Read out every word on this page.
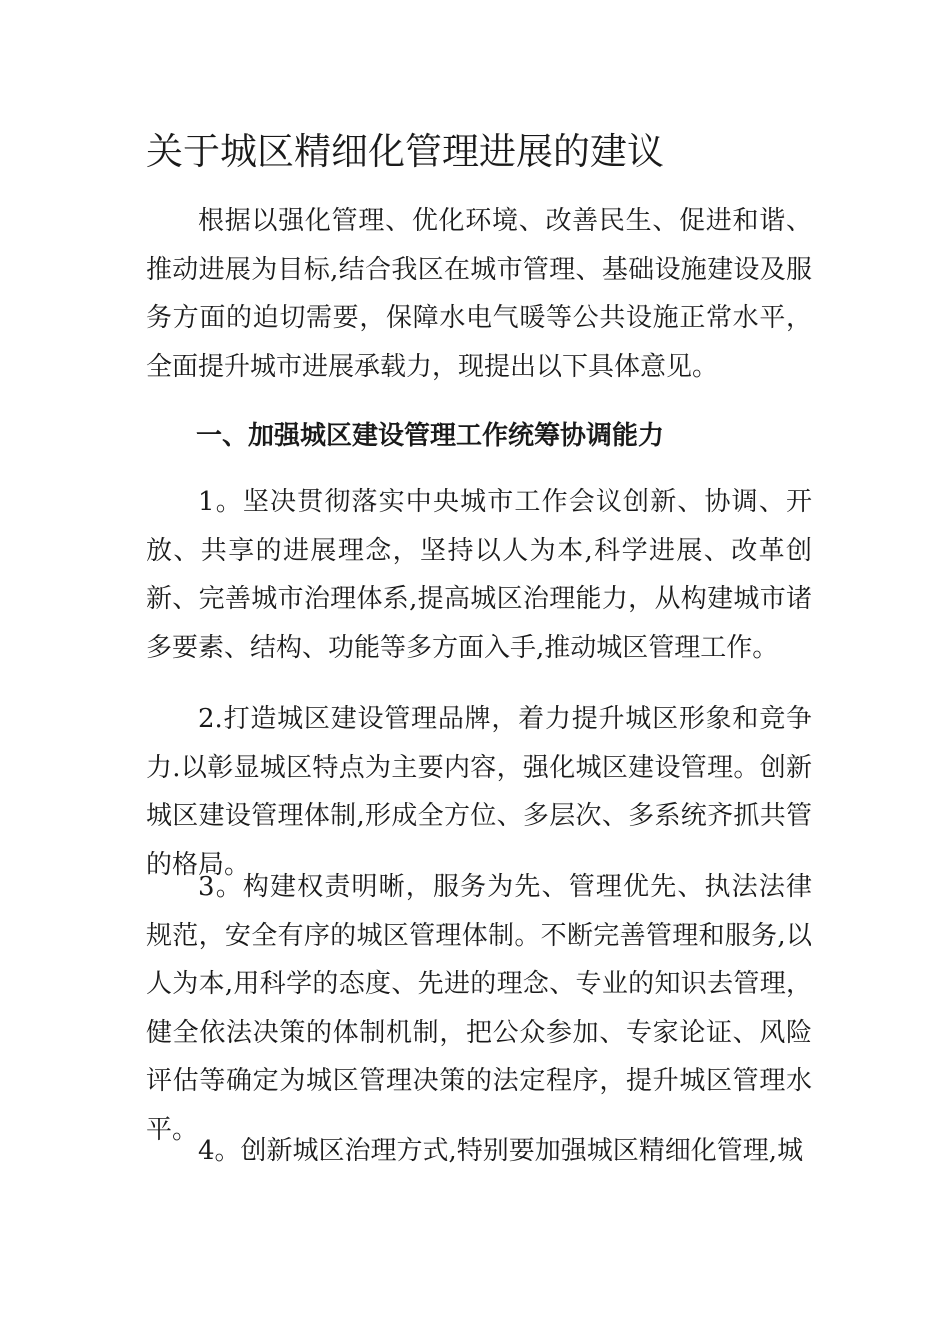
关于城区精细化管理进展的建议

根据以强化管理、优化环境、改善民生、促进和谐、推动进展为目标,结合我区在城市管理、基础设施建设及服务方面的迫切需要，保障水电气暖等公共设施正常水平，全面提升城市进展承载力，现提出以下具体意见。

一、加强城区建设管理工作统筹协调能力

1。坚决贯彻落实中央城市工作会议创新、协调、开放、共享的进展理念，坚持以人为本,科学进展、改革创新、完善城市治理体系,提高城区治理能力，从构建城市诸多要素、结构、功能等多方面入手,推动城区管理工作。

2.打造城区建设管理品牌，着力提升城区形象和竞争力.以彰显城区特点为主要内容，强化城区建设管理。创新城区建设管理体制,形成全方位、多层次、多系统齐抓共管的格局。

3。构建权责明晰，服务为先、管理优先、执法法律规范，安全有序的城区管理体制。不断完善管理和服务,以人为本,用科学的态度、先进的理念、专业的知识去管理，健全依法决策的体制机制，把公众参加、专家论证、风险评估等确定为城区管理决策的法定程序，提升城区管理水平。

4。创新城区治理方式,特别要加强城区精细化管理,城
